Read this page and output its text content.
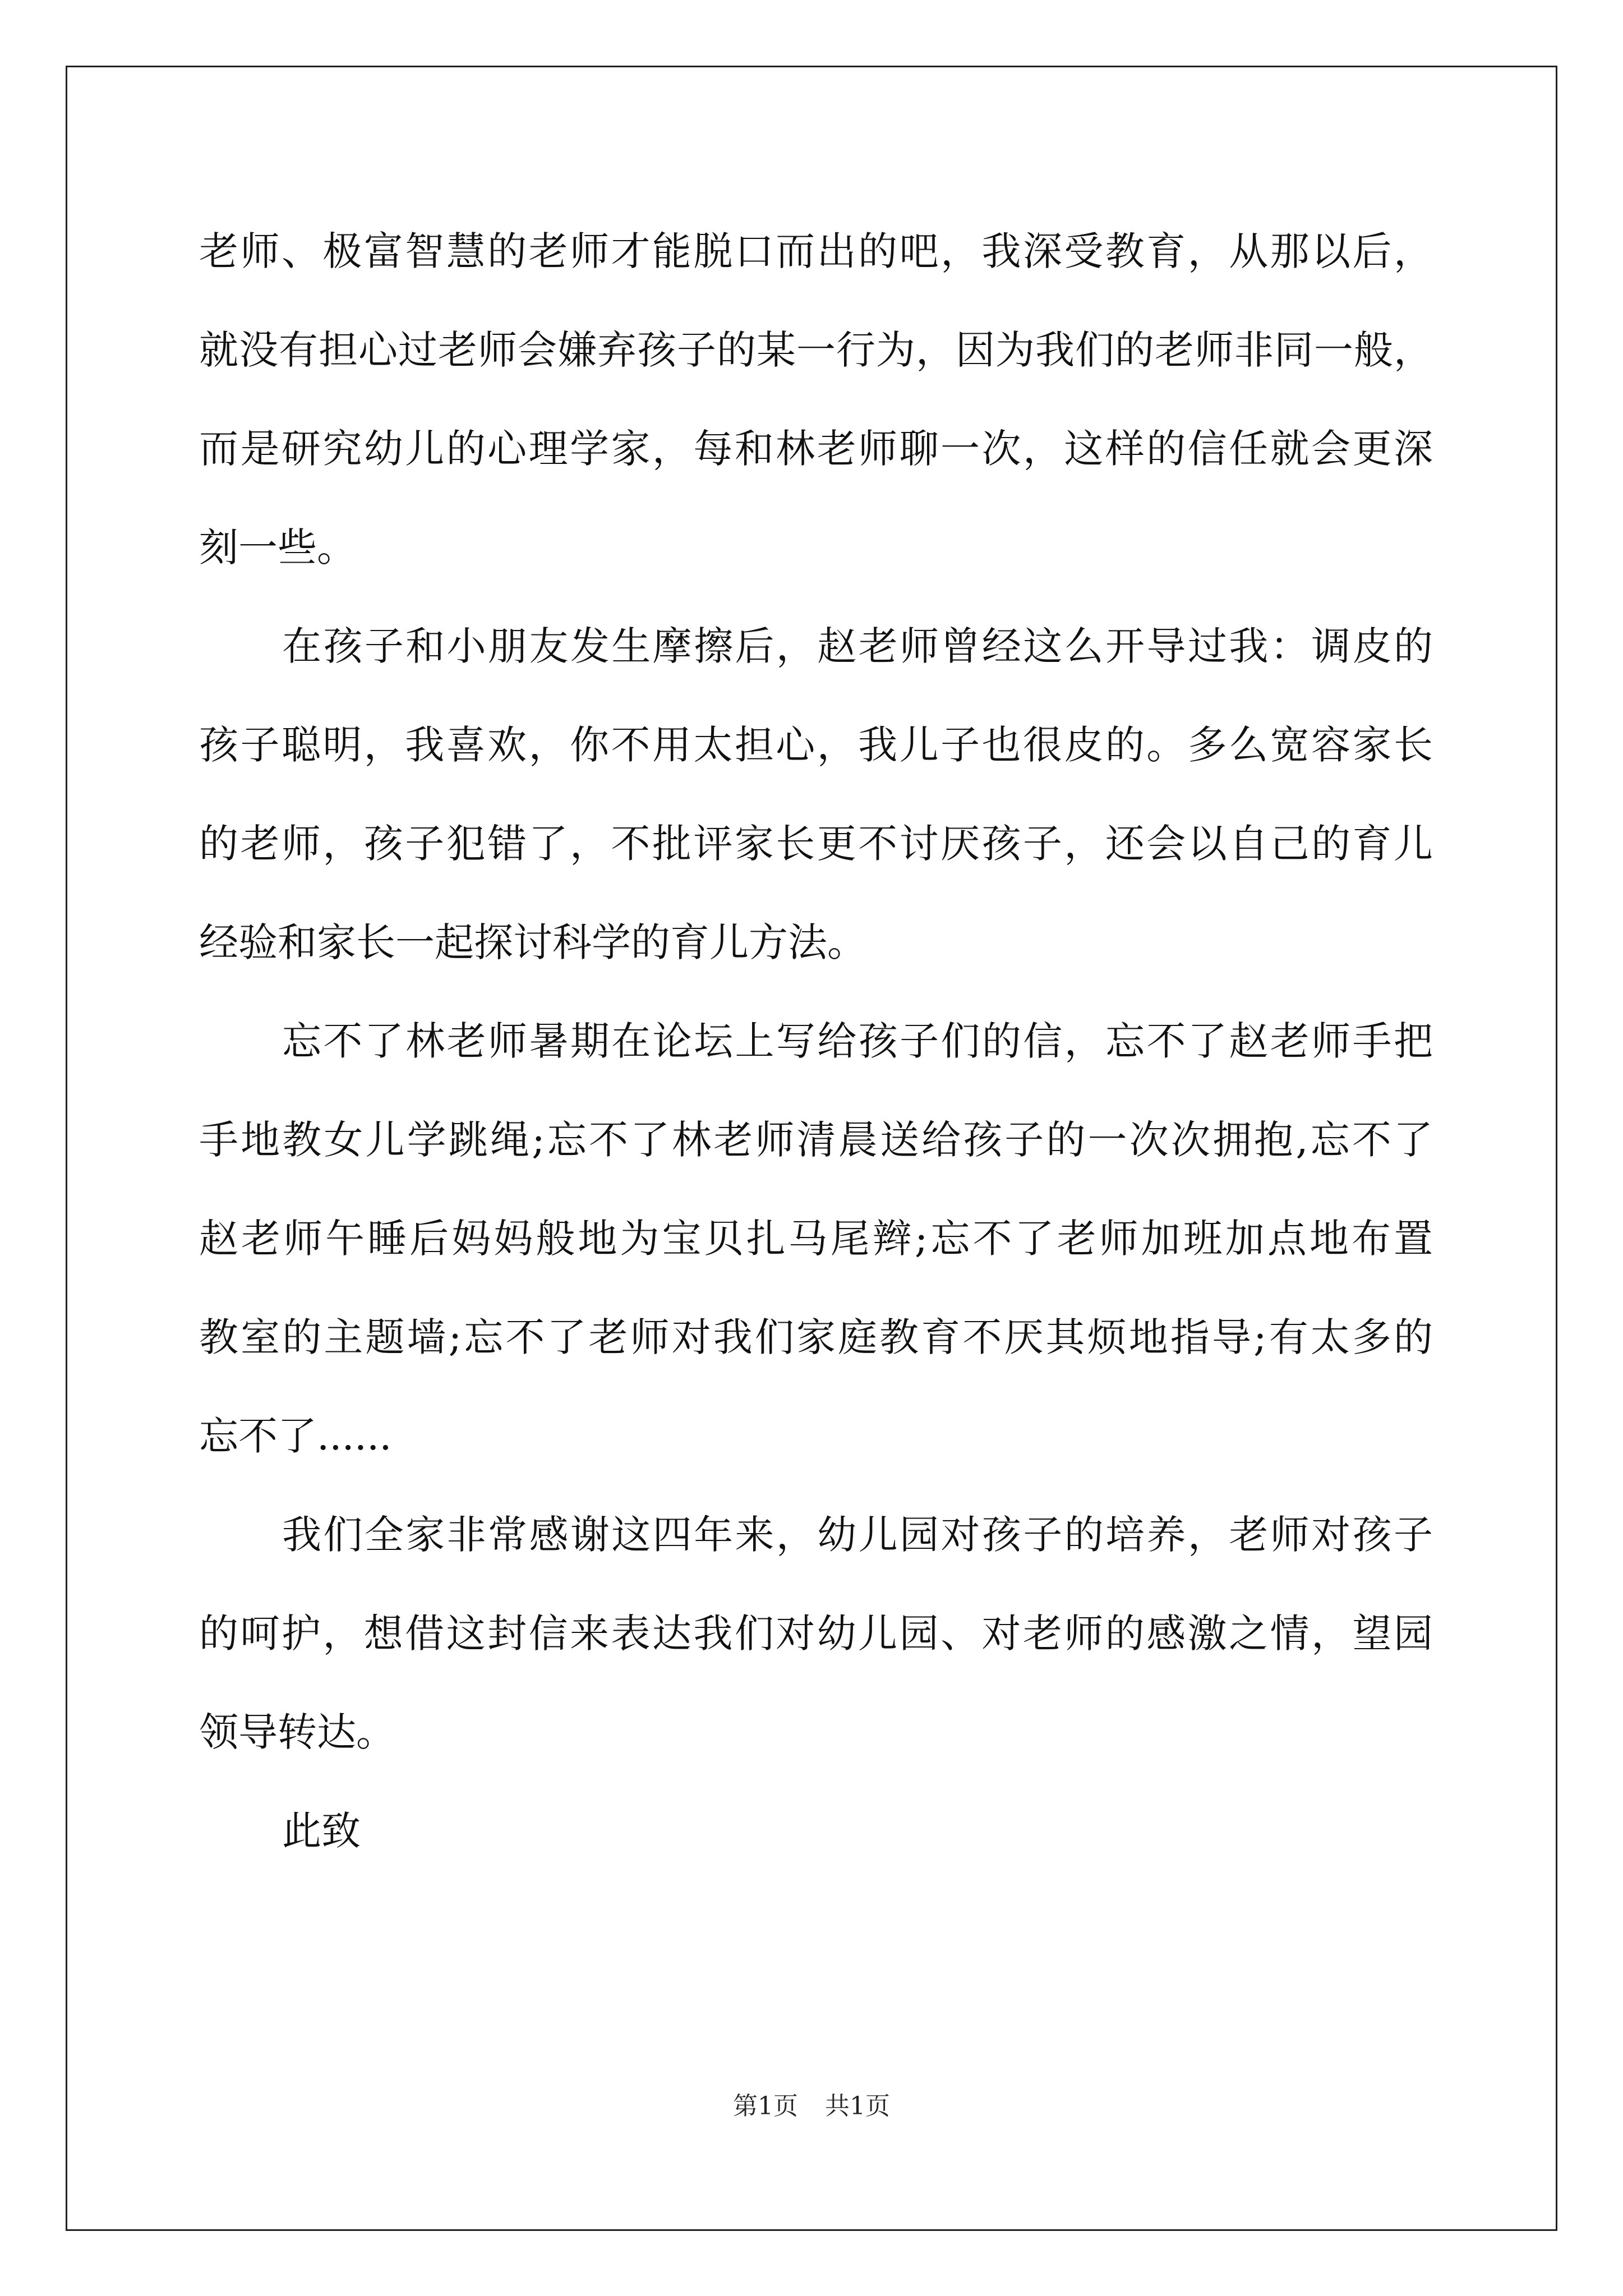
老师、极富智慧的老师才能脱口而出的吧，我深受教育，从那以后，
就没有担心过老师会嫌弃孩子的某一行为，因为我们的老师非同一般，
而是研究幼儿的心理学家，每和林老师聊一次，这样的信任就会更深
刻一些。
在孩子和小朋友发生摩擦后，赵老师曾经这么开导过我：调皮的
孩子聪明，我喜欢，你不用太担心，我儿子也很皮的。多么宽容家长
的老师，孩子犯错了，不批评家长更不讨厌孩子，还会以自己的育儿
经验和家长一起探讨科学的育儿方法。
忘不了林老师暑期在论坛上写给孩子们的信，忘不了赵老师手把
手地教女儿学跳绳;忘不了林老师清晨送给孩子的一次次拥抱,忘不了
赵老师午睡后妈妈般地为宝贝扎马尾辫;忘不了老师加班加点地布置
教室的主题墙;忘不了老师对我们家庭教育不厌其烦地指导;有太多的
忘不了......
我们全家非常感谢这四年来，幼儿园对孩子的培养，老师对孩子
的呵护，想借这封信来表达我们对幼儿园、对老师的感激之情，望园
领导转达。
此致
第1页 共1页
